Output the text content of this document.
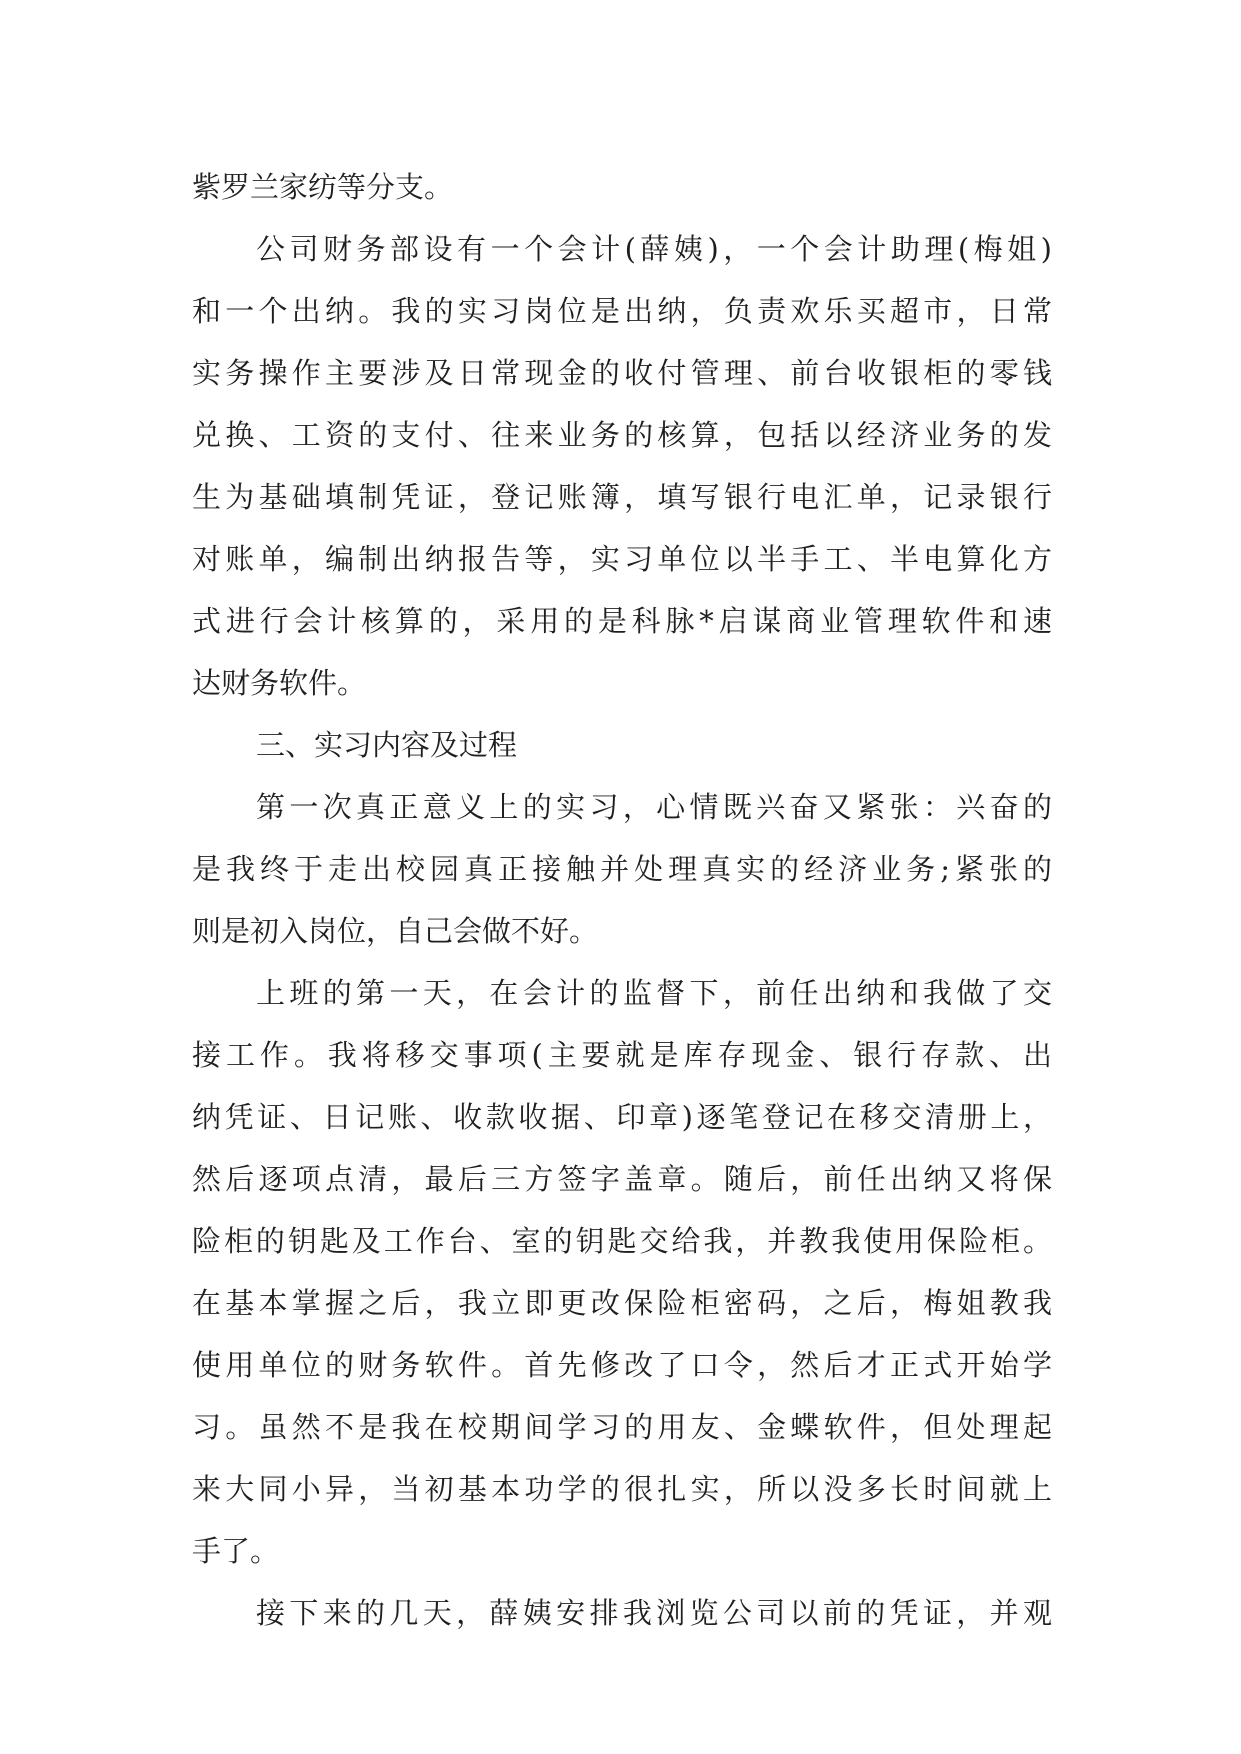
紫罗兰家纺等分支。
公司财务部设有一个会计(薛姨)，一个会计助理(梅姐)
和一个出纳。我的实习岗位是出纳，负责欢乐买超市，日常
实务操作主要涉及日常现金的收付管理、前台收银柜的零钱
兑换、工资的支付、往来业务的核算，包括以经济业务的发
生为基础填制凭证，登记账簿，填写银行电汇单，记录银行
对账单，编制出纳报告等，实习单位以半手工、半电算化方
式进行会计核算的，采用的是科脉*启谋商业管理软件和速
达财务软件。
三、实习内容及过程
第一次真正意义上的实习，心情既兴奋又紧张：兴奋的
是我终于走出校园真正接触并处理真实的经济业务;紧张的
则是初入岗位，自己会做不好。
上班的第一天，在会计的监督下，前任出纳和我做了交
接工作。我将移交事项(主要就是库存现金、银行存款、出
纳凭证、日记账、收款收据、印章)逐笔登记在移交清册上，
然后逐项点清，最后三方签字盖章。随后，前任出纳又将保
险柜的钥匙及工作台、室的钥匙交给我，并教我使用保险柜。
在基本掌握之后，我立即更改保险柜密码，之后，梅姐教我
使用单位的财务软件。首先修改了口令，然后才正式开始学
习。虽然不是我在校期间学习的用友、金蝶软件，但处理起
来大同小异，当初基本功学的很扎实，所以没多长时间就上
手了。
接下来的几天，薛姨安排我浏览公司以前的凭证，并观
